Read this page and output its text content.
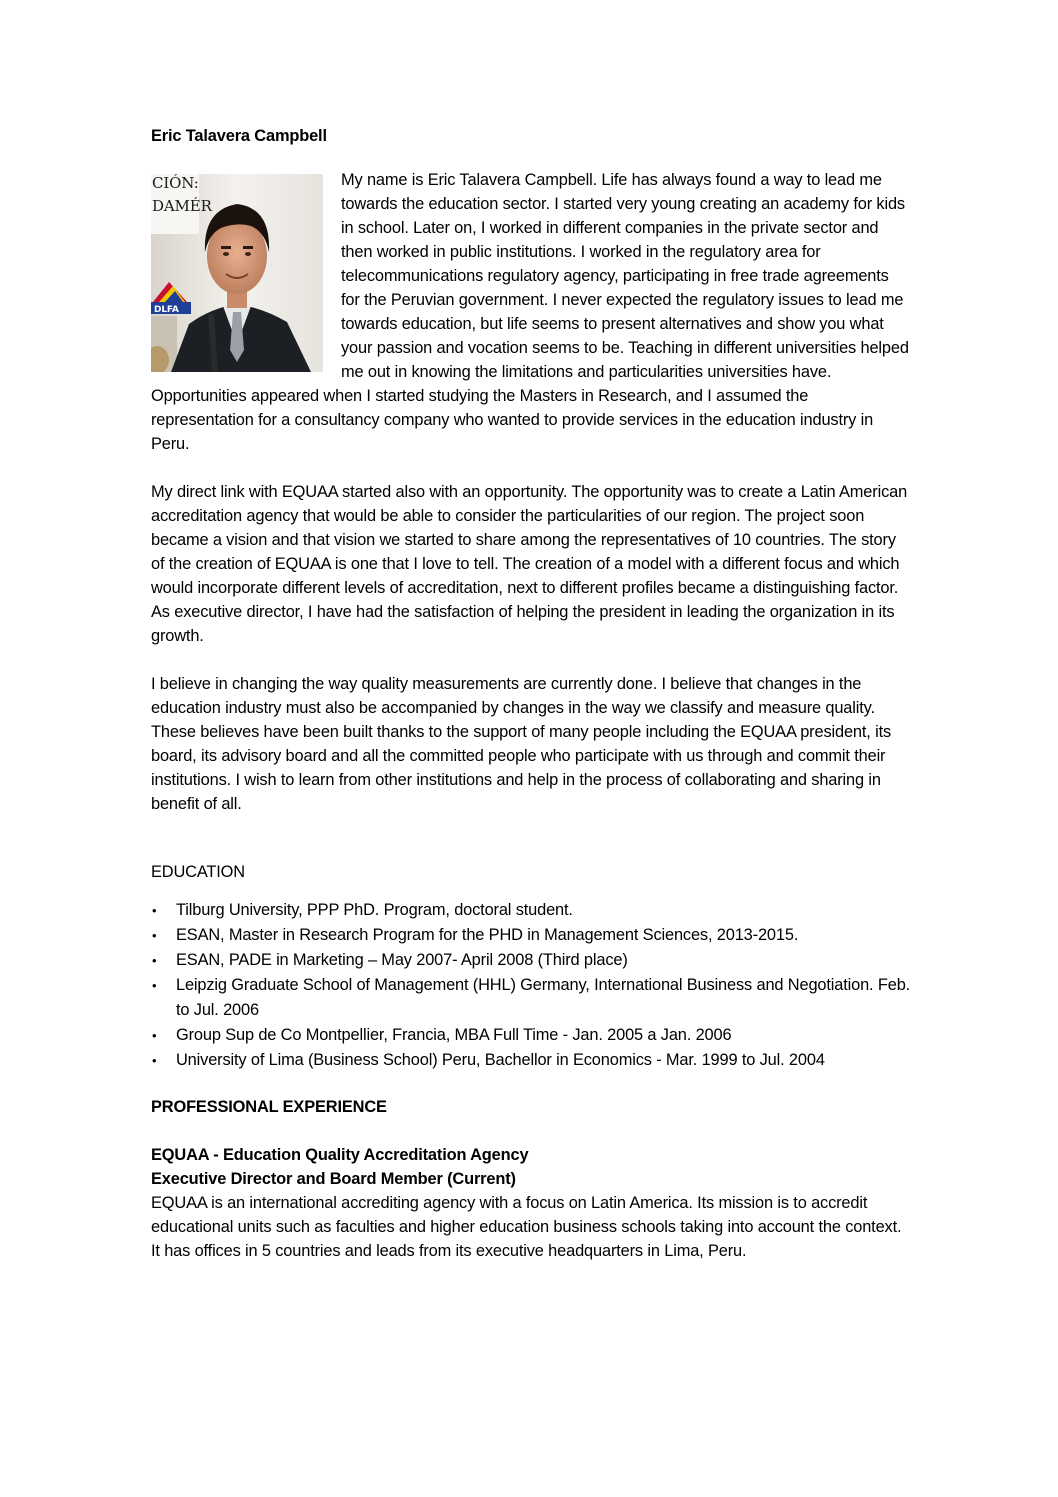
Eric Talavera Campbell

CIÓN:
DAMÉR
DLFA

My name is Eric Talavera Campbell. Life has always found a way to lead me towards the education sector. I started very young creating an academy for kids in school. Later on, I worked in different companies in the private sector and then worked in public institutions. I worked in the regulatory area for telecommunications regulatory agency, participating in free trade agreements for the Peruvian government. I never expected the regulatory issues to lead me towards education, but life seems to present alternatives and show you what your passion and vocation seems to be. Teaching in different universities helped me out in knowing the limitations and particularities universities have. Opportunities appeared when I started studying the Masters in Research, and I assumed the representation for a consultancy company who wanted to provide services in the education industry in Peru.

My direct link with EQUAA started also with an opportunity. The opportunity was to create a Latin American accreditation agency that would be able to consider the particularities of our region. The project soon became a vision and that vision we started to share among the representatives of 10 countries. The story of the creation of EQUAA is one that I love to tell. The creation of a model with a different focus and which would incorporate different levels of accreditation, next to different profiles became a distinguishing factor. As executive director, I have had the satisfaction of helping the president in leading the organization in its growth.

I believe in changing the way quality measurements are currently done. I believe that changes in the education industry must also be accompanied by changes in the way we classify and measure quality. These believes have been built thanks to the support of many people including the EQUAA president, its board, its advisory board and all the committed people who participate with us through and commit their institutions. I wish to learn from other institutions and help in the process of collaborating and sharing in benefit of all.

EDUCATION

• Tilburg University, PPP PhD. Program, doctoral student.
• ESAN, Master in Research Program for the PHD in Management Sciences, 2013-2015.
• ESAN, PADE in Marketing – May 2007- April 2008 (Third place)
• Leipzig Graduate School of Management (HHL) Germany, International Business and Negotiation. Feb. to Jul. 2006
• Group Sup de Co Montpellier, Francia, MBA Full Time - Jan. 2005 a Jan. 2006
• University of Lima (Business School) Peru, Bachellor in Economics - Mar. 1999 to Jul. 2004

PROFESSIONAL EXPERIENCE

EQUAA - Education Quality Accreditation Agency

Executive Director and Board Member (Current)

EQUAA is an international accrediting agency with a focus on Latin America. Its mission is to accredit educational units such as faculties and higher education business schools taking into account the context. It has offices in 5 countries and leads from its executive headquarters in Lima, Peru.
